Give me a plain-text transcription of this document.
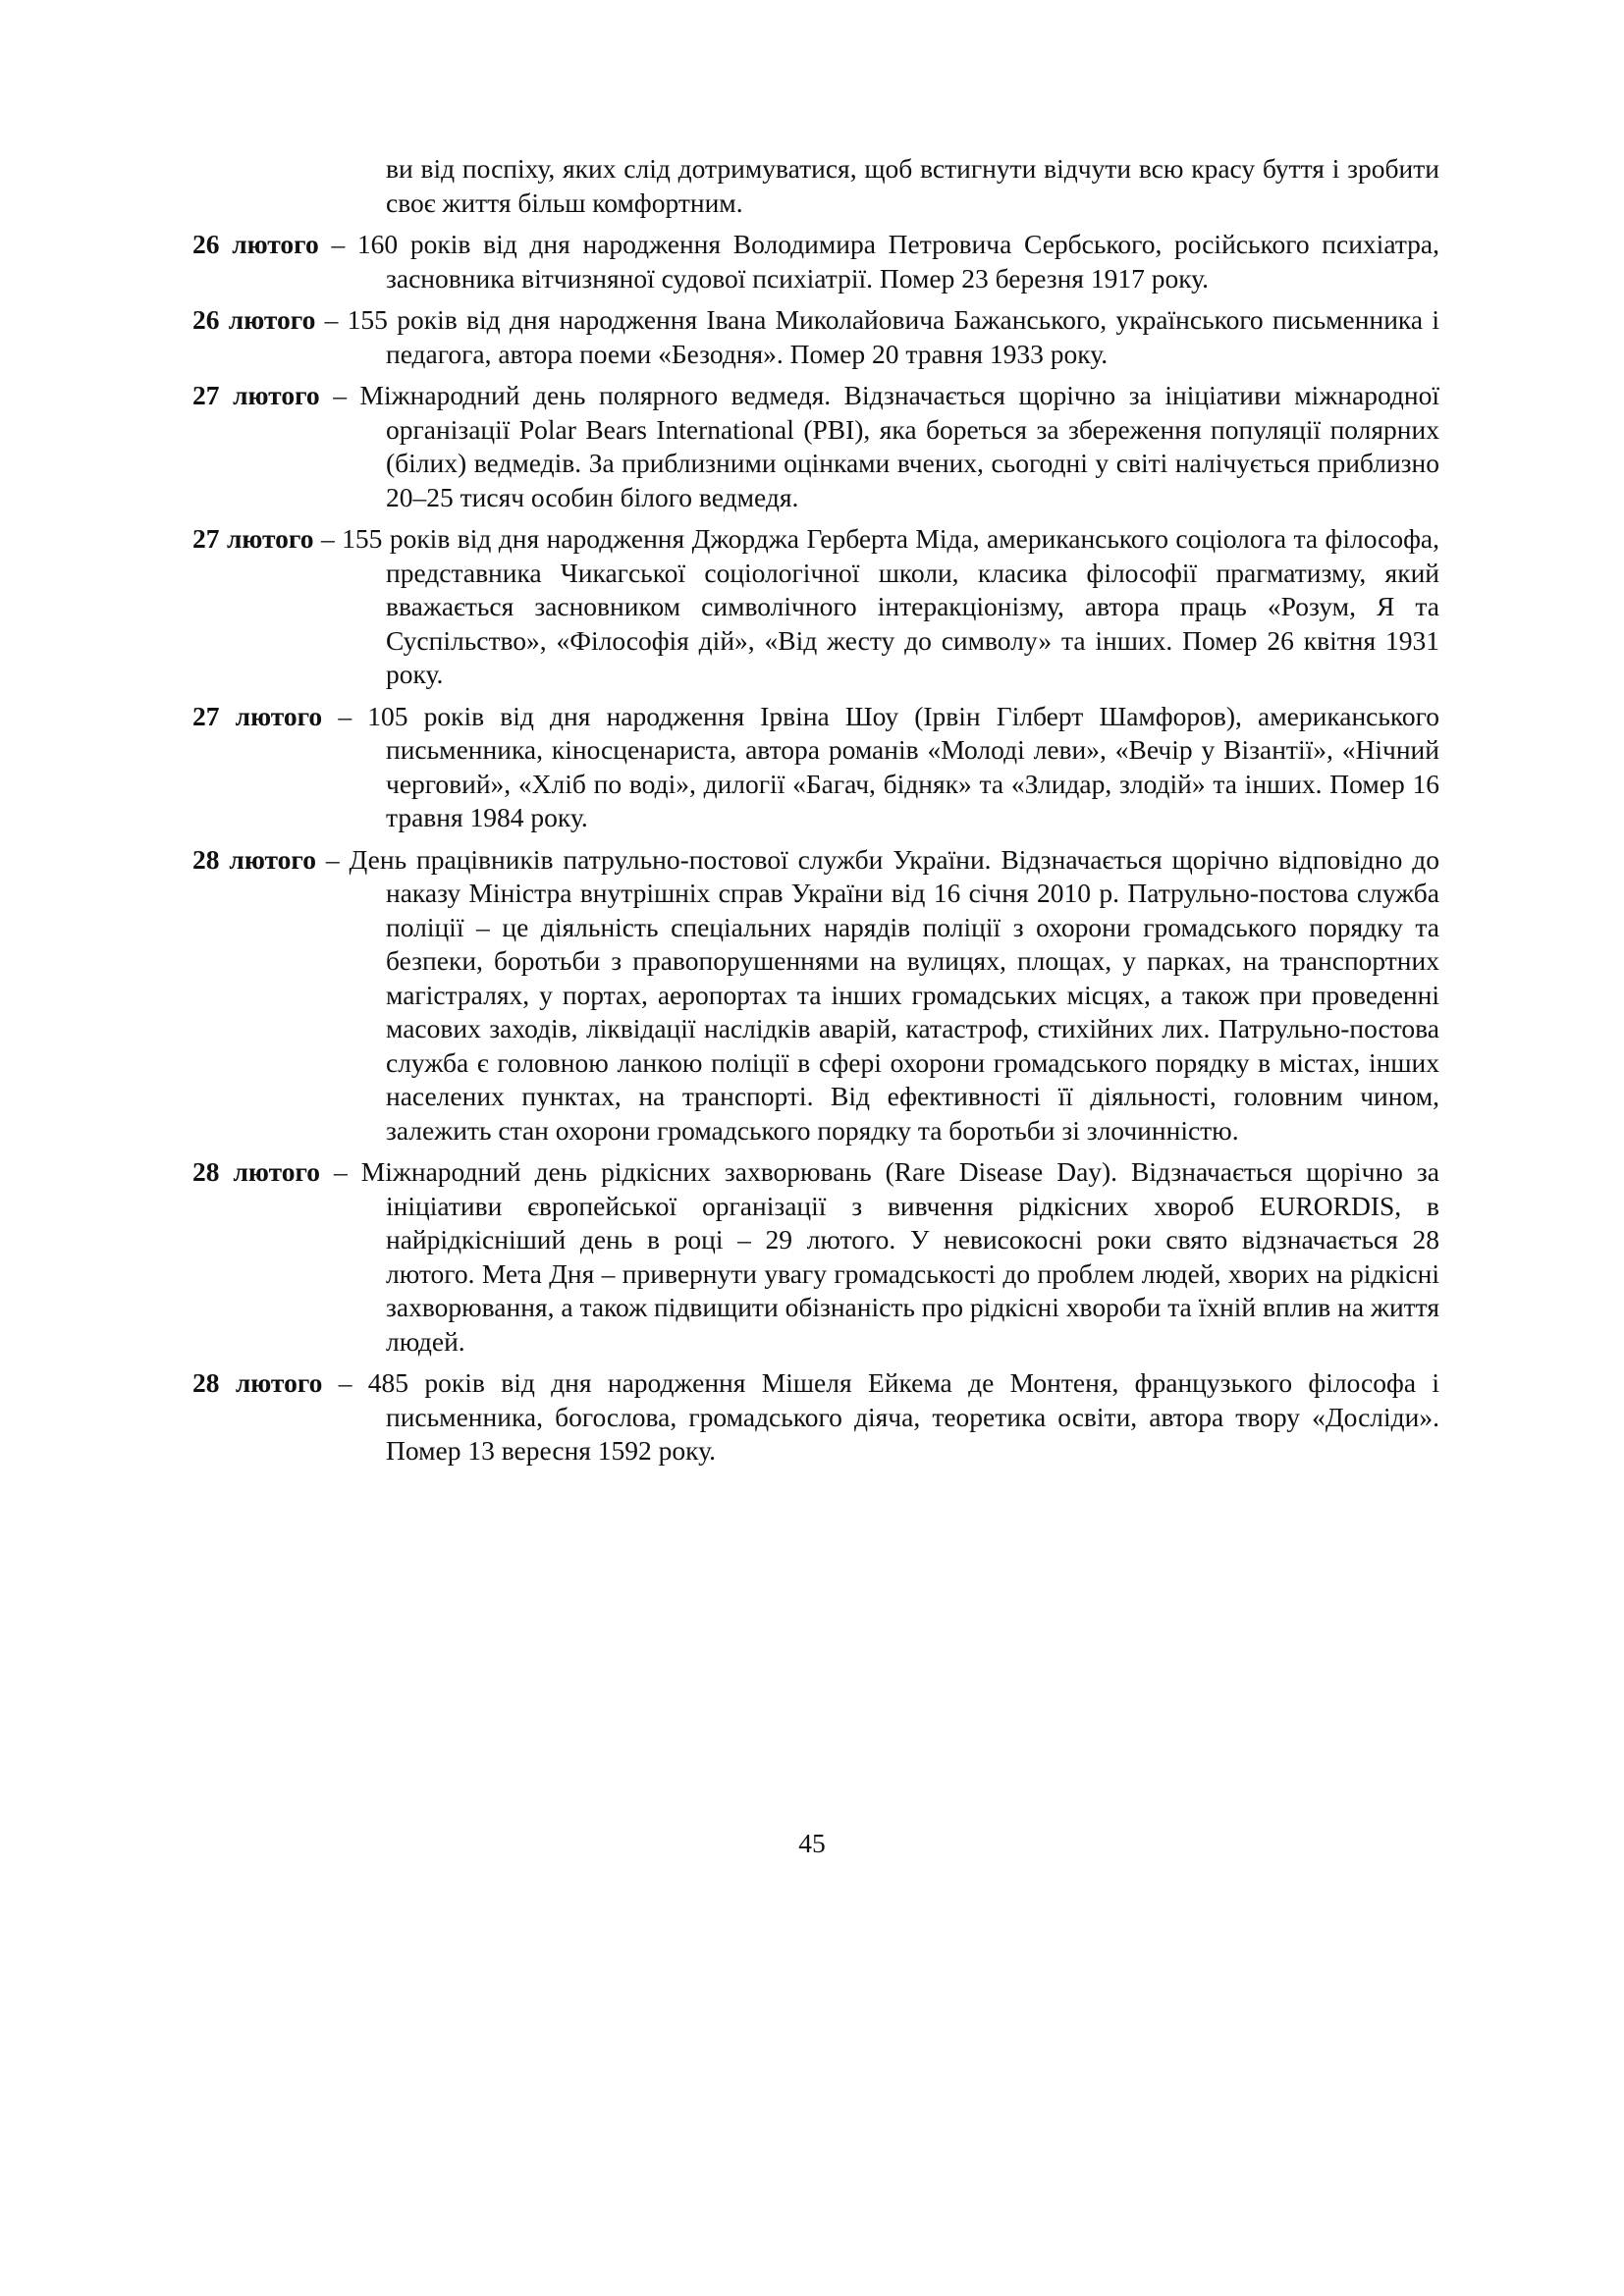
ви від поспіху, яких слід дотримуватися, щоб встигнути відчути всю красу буття і зробити своє життя більш комфортним.

26 лютого – 160 років від дня народження Володимира Петровича Сербського, російського психіатра, засновника вітчизняної судової психіатрії. Помер 23 березня 1917 року.

26 лютого – 155 років від дня народження Івана Миколайовича Бажанського, українського письменника і педагога, автора поеми «Безодня». Помер 20 травня 1933 року.

27 лютого – Міжнародний день полярного ведмедя. Відзначається щорічно за ініціативи міжнародної організації Polar Bears International (PBI), яка бореться за збереження популяції полярних (білих) ведмедів. За приблизними оцінками вчених, сьогодні у світі налічується приблизно 20–25 тисяч особин білого ведмедя.

27 лютого – 155 років від дня народження Джорджа Герберта Міда, американського соціолога та філософа, представника Чикагської соціологічної школи, класика філософії прагматизму, який вважається засновником символічного інтеракціонізму, автора праць «Розум, Я та Суспільство», «Філософія дій», «Від жесту до символу» та інших. Помер 26 квітня 1931 року.

27 лютого – 105 років від дня народження Ірвіна Шоу (Ірвін Гілберт Шамфоров), американського письменника, кіносценариста, автора романів «Молоді леви», «Вечір у Візантії», «Нічний черговий», «Хліб по воді», дилогії «Багач, бідняк» та «Злидар, злодій» та інших. Помер 16 травня 1984 року.

28 лютого – День працівників патрульно-постової служби України. Відзначається щорічно відповідно до наказу Міністра внутрішніх справ України від 16 січня 2010 р. Патрульно-постова служба поліції – це діяльність спеціальних нарядів поліції з охорони громадського порядку та безпеки, боротьби з правопорушеннями на вулицях, площах, у парках, на транспортних магістралях, у портах, аеропортах та інших громадських місцях, а також при проведенні масових заходів, ліквідації наслідків аварій, катастроф, стихійних лих. Патрульно-постова служба є головною ланкою поліції в сфері охорони громадського порядку в містах, інших населених пунктах, на транспорті. Від ефективності її діяльності, головним чином, залежить стан охорони громадського порядку та боротьби зі злочинністю.

28 лютого – Міжнародний день рідкісних захворювань (Rare Disease Day). Відзначається щорічно за ініціативи європейської організації з вивчення рідкісних хвороб EURORDIS, в найрідкісніший день в році – 29 лютого. У невисокосні роки свято відзначається 28 лютого. Мета Дня – привернути увагу громадськості до проблем людей, хворих на рідкісні захворювання, а також підвищити обізнаність про рідкісні хвороби та їхній вплив на життя людей.

28 лютого – 485 років від дня народження Мішеля Ейкема де Монтеня, французького філософа і письменника, богослова, громадського діяча, теоретика освіти, автора твору «Досліди». Помер 13 вересня 1592 року.

45
